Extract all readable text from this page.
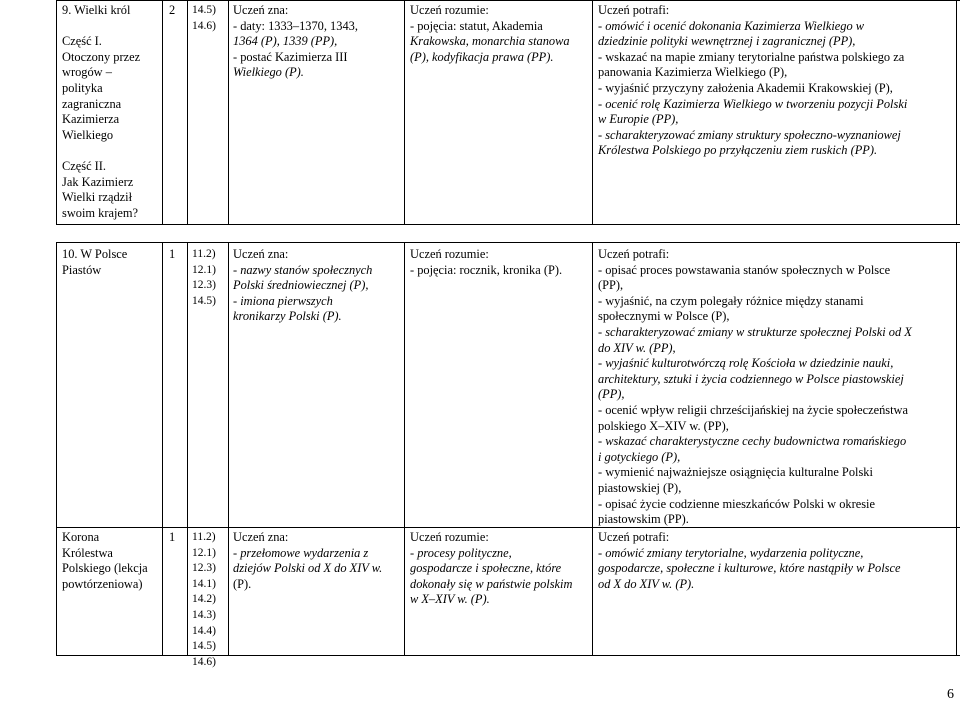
9. Wielki król

Część I.
Otoczony przez
wrogów –
polityka
zagraniczna
Kazimierza
Wielkiego

Część II.
Jak Kazimierz
Wielki rządził
swoim krajem?
2 14.5)
14.6)
Uczeń zna:
- daty: 1333–1370, 1343,
1364 (P), 1339 (PP),
- postać Kazimierza III
Wielkiego (P).
Uczeń rozumie:
- pojęcia: statut, Akademia
Krakowska, monarchia stanowa
(P), kodyfikacja prawa (PP).
Uczeń potrafi:
- omówić i ocenić dokonania Kazimierza Wielkiego w
dziedzinie polityki wewnętrznej i zagranicznej (PP),
- wskazać na mapie zmiany terytorialne państwa polskiego za
panowania Kazimierza Wielkiego (P),
- wyjaśnić przyczyny założenia Akademii Krakowskiej (P),
- ocenić rolę Kazimierza Wielkiego w tworzeniu pozycji Polski
w Europie (PP),
- scharakteryzować zmiany struktury społeczno-wyznaniowej
Królestwa Polskiego po przyłączeniu ziem ruskich (PP).
10. W Polsce
Piastów
1 11.2)
12.1)
12.3)
14.5)
Uczeń zna:
- nazwy stanów społecznych
Polski średniowiecznej (P),
- imiona pierwszych
kronikarzy Polski (P).
Uczeń rozumie:
- pojęcia: rocznik, kronika (P).
Uczeń potrafi:
- opisać proces powstawania stanów społecznych w Polsce
(PP),
- wyjaśnić, na czym polegały różnice między stanami
społecznymi w Polsce (P),
- scharakteryzować zmiany w strukturze społecznej Polski od X
do XIV w. (PP),
- wyjaśnić kulturotwórczą rolę Kościoła w dziedzinie nauki,
architektury, sztuki i życia codziennego w Polsce piastowskiej
(PP),
- ocenić wpływ religii chrześcijańskiej na życie społeczeństwa
polskiego X–XIV w. (PP),
- wskazać charakterystyczne cechy budownictwa romańskiego
i gotyckiego (P),
- wymienić najważniejsze osiągnięcia kulturalne Polski
piastowskiej (P),
- opisać życie codzienne mieszkańców Polski w okresie
piastowskim (PP).
Korona
Królestwa
Polskiego (lekcja
powtórzeniowa)
1 11.2)
12.1)
12.3)
14.1)
14.2)
14.3)
14.4)
14.5)
14.6)
Uczeń zna:
- przełomowe wydarzenia z
dziejów Polski od X do XIV w.
(P).
Uczeń rozumie:
- procesy polityczne,
gospodarcze i społeczne, które
dokonały się w państwie polskim
w X–XIV w. (P).
Uczeń potrafi:
- omówić zmiany terytorialne, wydarzenia polityczne,
gospodarcze, społeczne i kulturowe, które nastąpiły w Polsce
od X do XIV w. (P).
6
